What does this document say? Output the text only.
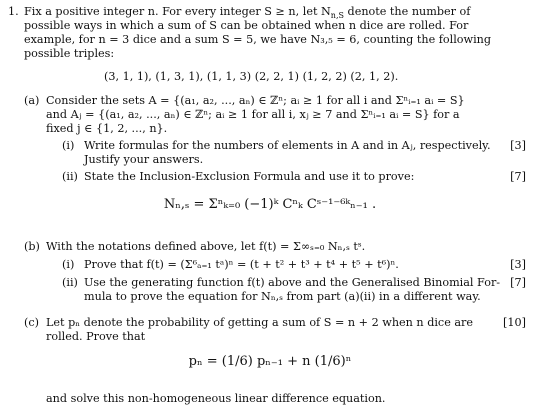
1. Fix a positive integer n. For every integer S ≥ n, let $N_{n,S}$ denote the number of
possible ways in which a sum of S can be obtained when n dice are rolled. For
example, for n = 3 dice and a sum S = 5, we have N₃,₅ = 6, counting the following
possible triples:
(3, 1, 1), (1, 3, 1), (1, 1, 3) (2, 2, 1) (1, 2, 2) (2, 1, 2).
(a) Consider the sets A = {(a₁, a₂, ..., aₙ) ∈ ℤⁿ; aᵢ ≥ 1 for all i and Σⁿᵢ₌₁ aᵢ = S}
and Aⱼ = {(a₁, a₂, ..., aₙ) ∈ ℤⁿ; aᵢ ≥ 1 for all i, xⱼ ≥ 7 and Σⁿᵢ₌₁ aᵢ = S} for a
fixed j ∈ {1, 2, ..., n}.
(i) Write formulas for the numbers of elements in A and in Aⱼ, respectively. [3]
Justify your answers.
(ii) State the Inclusion-Exclusion Formula and use it to prove:	[7]
Nₙ,ₛ = Σⁿₖ₌₀ (−1)ᵏ Cⁿₖ Cˢ⁻¹⁻⁶ᵏₙ₋₁ .
(b) With the notations defined above, let f(t) = Σ∞ₛ₌₀ Nₙ,ₛ tˢ.
(i) Prove that f(t) = (Σ⁶ₐ₌₁ tᵃ)ⁿ = (t + t² + t³ + t⁴ + t⁵ + t⁶)ⁿ.	[3]
(ii) Use the generating function f(t) above and the Generalised Binomial For- [7]
mula to prove the equation for Nₙ,ₛ from part (a)(ii) in a different way.
(c) Let pₙ denote the probability of getting a sum of S = n + 2 when n dice are	[10]
rolled. Prove that
pₙ = (1/6) pₙ₋₁ + n (1/6)ⁿ
and solve this non-homogeneous linear difference equation.
